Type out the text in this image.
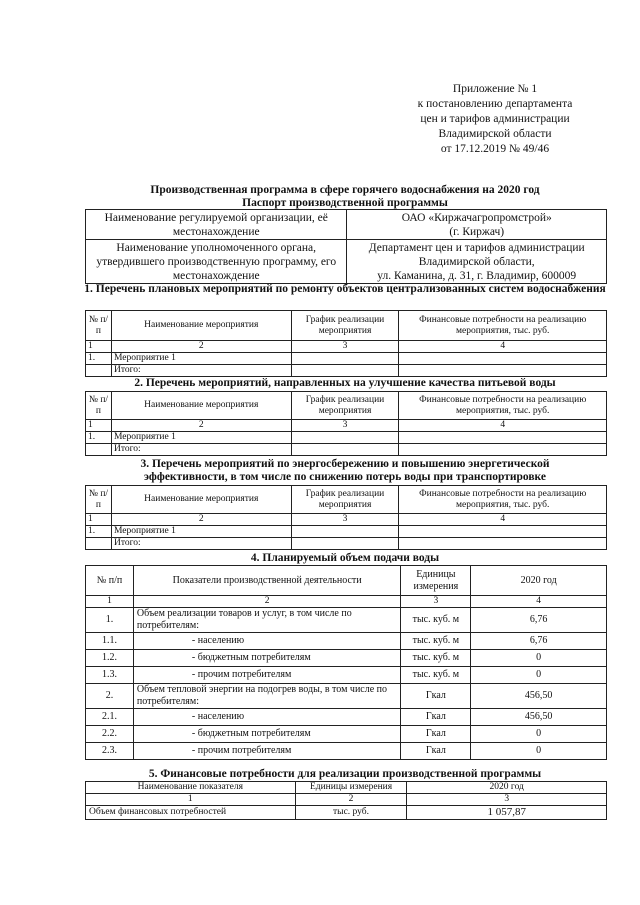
Приложение № 1
к постановлению департамента
цен и тарифов администрации
Владимирской области
от 17.12.2019 № 49/46
Производственная программа в сфере горячего водоснабжения на 2020 год
Паспорт производственной программы
Наименование регулируемой организации, её местонахождение	ОАО «Киржачагропромстрой»
(г. Киржач)

Наименование уполномоченного органа, утвердившего производственную программу, его местонахождение	Департамент цен и тарифов администрации
Владимирской области,
ул. Каманина, д. 31, г. Владимир, 600009
1. Перечень плановых мероприятий по ремонту объектов централизованных систем водоснабжения
№ п/п	Наименование мероприятия	График реализации мероприятия	Финансовые потребности на реализацию мероприятия, тыс. руб.
1	2	3	4
1.	Мероприятие 1		
	Итого:		
2. Перечень мероприятий, направленных на улучшение качества питьевой воды
№ п/п	Наименование мероприятия	График реализации мероприятия	Финансовые потребности на реализацию мероприятия, тыс. руб.
1	2	3	4
1.	Мероприятие 1		
	Итого:		
3. Перечень мероприятий по энергосбережению и повышению энергетической
эффективности, в том числе по снижению потерь воды при транспортировке
№ п/п	Наименование мероприятия	График реализации мероприятия	Финансовые потребности на реализацию мероприятия, тыс. руб.
1	2	3	4
1.	Мероприятие 1		
	Итого:		
4. Планируемый объем подачи воды
№ п/п	Показатели производственной деятельности	Единицы измерения	2020 год
1	2	3	4
1.	Объем реализации товаров и услуг, в том числе по потребителям:	тыс. куб. м	6,76
1.1.	- населению	тыс. куб. м	6,76
1.2.	- бюджетным потребителям	тыс. куб. м	0
1.3.	- прочим потребителям	тыс. куб. м	0
2.	Объем тепловой энергии на подогрев воды, в том числе по потребителям:	Гкал	456,50
2.1.	- населению	Гкал	456,50
2.2.	- бюджетным потребителям	Гкал	0
2.3.	- прочим потребителям	Гкал	0
5. Финансовые потребности для реализации производственной программы
Наименование показателя	Единицы измерения	2020 год
1	2	3
Объем финансовых потребностей	тыс. руб.	1 057,87
